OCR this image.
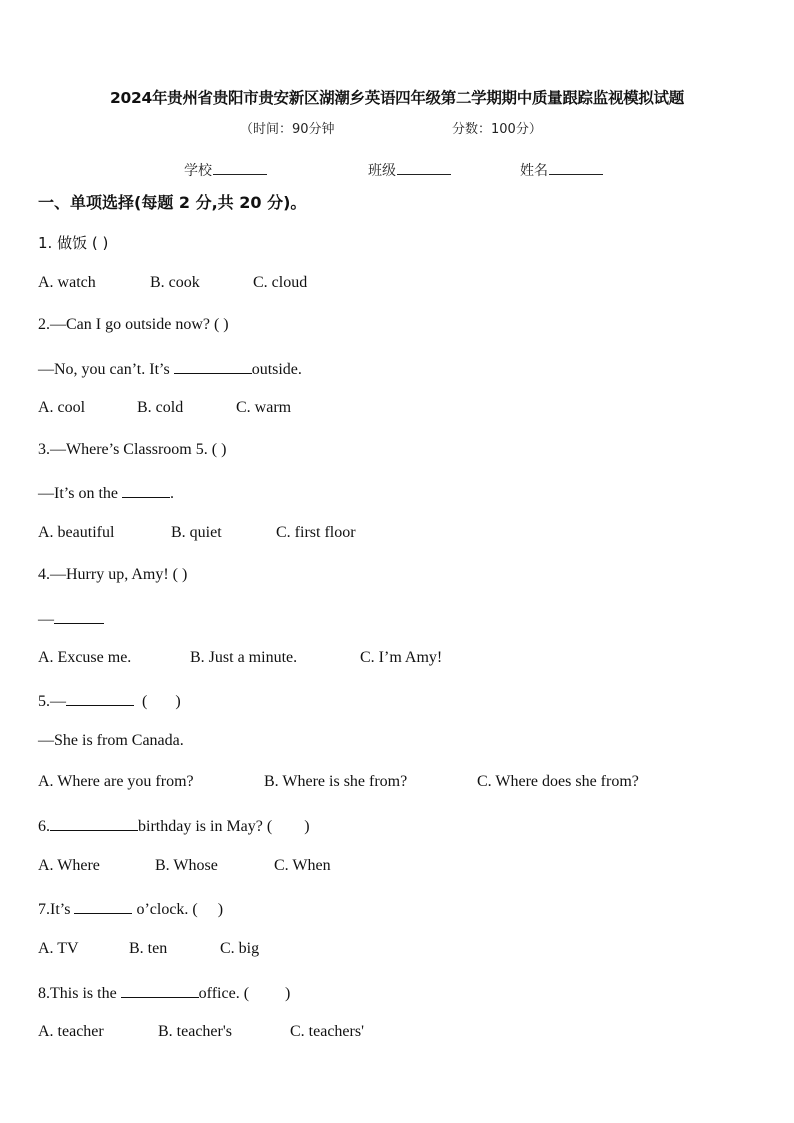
2024年贵州省贵阳市贵安新区湖潮乡英语四年级第二学期期中质量跟踪监视模拟试题
（时间：90分钟	分数：100分）
学校	班级	姓名
一、单项选择(每题 2 分,共 20 分)。
1. 做饭 ( )
A. watch	B. cook	C. cloud
2.—Can I go outside now? ( )
—No, you can’t. It’s	outside.
A. cool	B. cold	C. warm
3.—Where’s Classroom 5. ( )
—It’s on the	.
A. beautiful	B. quiet	C. first floor
4.—Hurry up, Amy! ( )
—
A. Excuse me.	B. Just a minute.	C. I’m Amy!
5.—	(       )
—She is from Canada.
A. Where are you from?	B. Where is she from?	C. Where does she from?
6.	birthday is in May? (        )
A. Where	B. Whose	C. When
7.It’s	o’clock. (     )
A. TV	B. ten	C. big
8.This is the	office. (         )
A. teacher	B. teacher's	C. teachers'
